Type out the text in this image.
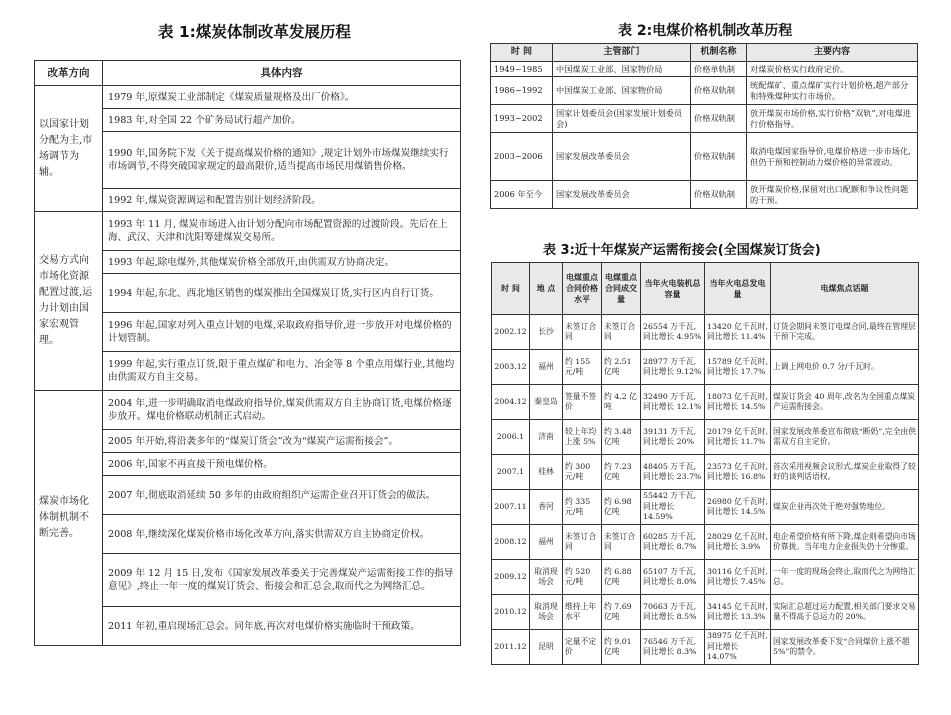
表 1:煤炭体制改革发展历程
改革方向	具体内容
以国家计划分配为主,市场调节为辅。	1979 年,原煤炭工业部制定《煤炭质量规格及出厂价格》。
	1983 年,对全国 22 个矿务局试行超产加价。
	1990 年,国务院下发《关于提高煤炭价格的通知》,规定计划外市场煤炭继续实行市场调节,不得突破国家规定的最高限价,适当提高市场民用煤销售价格。
	1992 年,煤炭资源调运和配置告别计划经济阶段。
交易方式向市场化资源配置过渡,运力计划由国家宏观管理。	1993 年 11 月, 煤炭市场进入由计划分配向市场配置资源的过渡阶段。先后在上海、武汉、天津和沈阳筹建煤炭交易所。
	1993 年起,除电煤外,其他煤炭价格全部放开,由供需双方协商决定。
	1994 年起,东北、西北地区销售的煤炭推出全国煤炭订货,实行区内自行订货。
	1996 年起,国家对列入重点计划的电煤,采取政府指导价,进一步放开对电煤价格的计划管制。
	1999 年起,实行重点订货,限于重点煤矿和电力、冶金等 8 个重点用煤行业,其他均由供需双方自主交易。
煤炭市场化体制机制不断完善。	2004 年,进一步明确取消电煤政府指导价,煤炭供需双方自主协商订货,电煤价格逐步放开。煤电价格联动机制正式启动。
	2005 年开始,将沿袭多年的“煤炭订货会”改为“煤炭产运需衔接会”。
	2006 年,国家不再直接干预电煤价格。
	2007 年,彻底取消延续 50 多年的由政府组织产运需企业召开订货会的做法。
	2008 年,继续深化煤炭价格市场化改革方向,落实供需双方自主协商定价权。
	2009 年 12 月 15 日,发布《国家发展改革委关于完善煤炭产运需衔接工作的指导意见》,终止一年一度的煤炭订货会、衔接会和汇总会,取而代之为网络汇总。
	2011 年初,重启现场汇总会。同年底,再次对电煤价格实施临时干预政策。
表 2:电煤价格机制改革历程
时 间	主管部门	机制名称	主要内容
1949~1985	中国煤炭工业部、国家物价局	价格单轨制	对煤炭价格实行政府定价。
1986~1992	中国煤炭工业部、国家物价局	价格双轨制	统配煤矿、重点煤矿实行计划价格,超产部分和特殊煤种实行市场价。
1993~2002	国家计划委员会(国家发展计划委员会)	价格双轨制	放开煤炭市场价格,实行价格“双轨”,对电煤进行价格指导。
2003~2006	国家发展改革委员会	价格双轨制	取消电煤国家指导价,电煤价格进一步市场化,但仍干预和控制动力煤价格的异常波动。
2006 年至今	国家发展改革委员会	价格双轨制	放开煤炭价格,保留对出口配额和争议性问题的干预。
表 3:近十年煤炭产运需衔接会(全国煤炭订货会)
时 间	地 点	电煤重点合同价格水平	电煤重点合同成交量	当年火电装机总容量	当年火电总发电量	电煤焦点话题
2002.12	长沙	未签订合同	未签订合同	26554 万千瓦,同比增长 4.95%	13420 亿千瓦时,同比增长 11.4%	订货会期间未签订电煤合同,最终在管理层干预下完成。
2003.12	福州	约 155 元/吨	约 2.51 亿吨	28977 万千瓦,同比增长 9.12%	15789 亿千瓦时,同比增长 17.7%	上调上网电价 0.7 分/千瓦时。
2004.12	秦皇岛	签量不签价	约 4.2 亿吨	32490 万千瓦,同比增长 12.1%	18073 亿千瓦时,同比增长 14.5%	煤炭订货会 40 周年,改名为全国重点煤炭产运需衔接会。
2006.1	济南	较上年均上涨 5%	约 3.48 亿吨	39131 万千瓦,同比增长 20%	20179 亿千瓦时,同比增长 11.7%	国家发展改革委宣布彻底“断奶”,完全由供需双方自主定价。
2007.1	桂林	约 300 元/吨	约 7.23 亿吨	48405 万千瓦,同比增长 23.7%	23573 亿千瓦时,同比增长 16.8%	首次采用视频会议形式,煤炭企业取得了较好的谈判话语权。
2007.11	香河	约 335 元/吨	约 6.98 亿吨	55442 万千瓦,同比增长 14.59%	26980 亿千瓦时,同比增长 14.5%	煤炭企业再次处于绝对强势地位。
2008.12	福州	未签订合同	未签订合同	60285 万千瓦,同比增长 8.7%	28029 亿千瓦时,同比增长 3.9%	电企希望价格有所下降,煤企则希望向市场价靠拢。当年电力企业损失仍十分惨重。
2009.12	取消现场会	约 520 元/吨	约 6.88 亿吨	65107 万千瓦,同比增长 8.0%	30116 亿千瓦时,同比增长 7.45%	一年一度的现场会终止,取而代之为网络汇总。
2010.12	取消现场会	维持上年水平	约 7.69 亿吨	70663 万千瓦,同比增长 8.5%	34145 亿千瓦时,同比增长 13.3%	实际汇总超过运力配置,相关部门要求交易量不得高于总运力的 20%。
2011.12	昆明	定量不定价	约 9.01 亿吨	76546 万千瓦,同比增长 8.3%	38975 亿千瓦时,同比增长 14.07%	国家发展改革委下发“合同煤价上涨不超 5%”的禁令。
